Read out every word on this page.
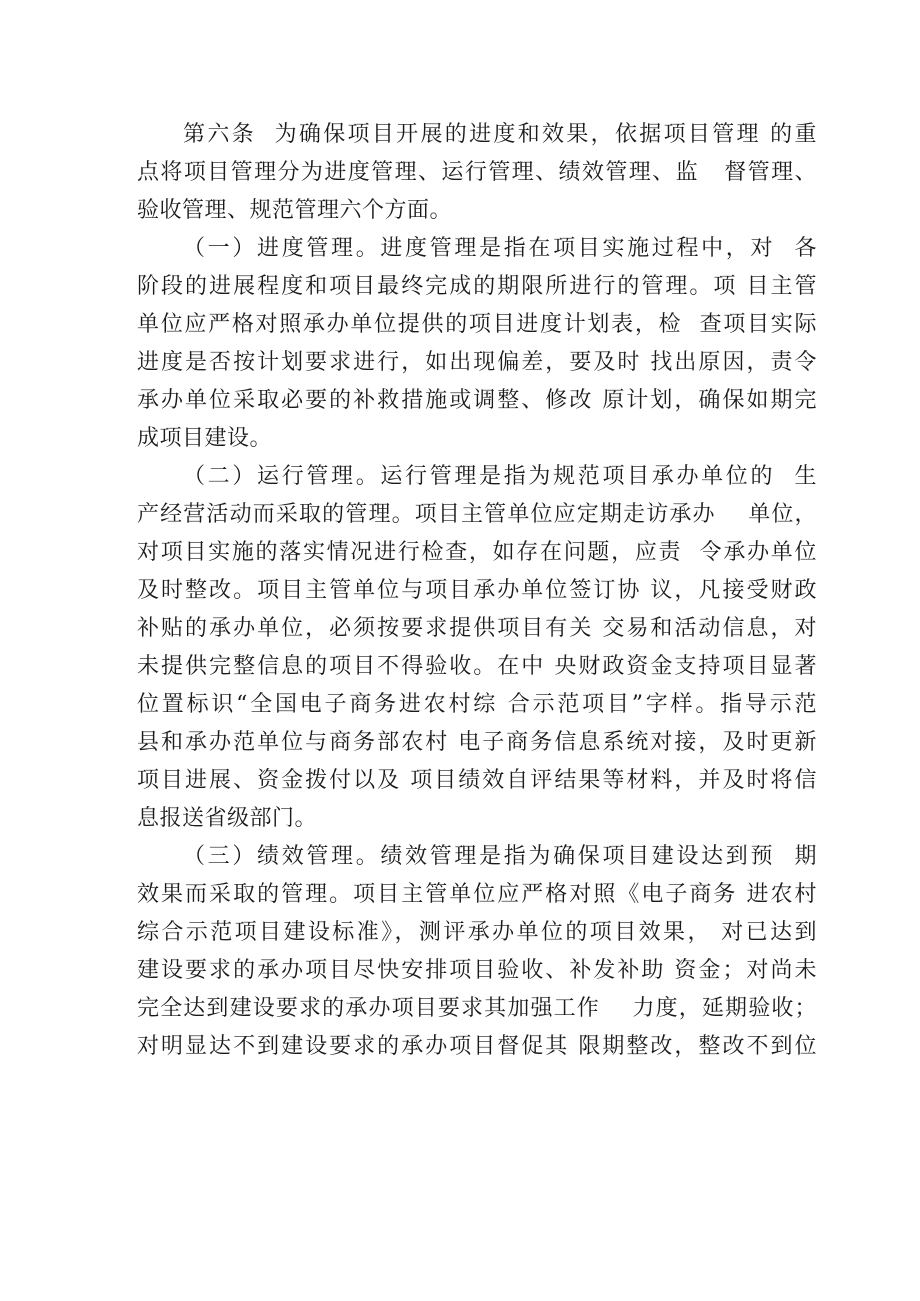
第六条  为确保项目开展的进度和效果，依据项目管理 的重
点将项目管理分为进度管理、运行管理、绩效管理、监   督管理、
验收管理、规范管理六个方面。
（一）进度管理。进度管理是指在项目实施过程中，对  各
阶段的进展程度和项目最终完成的期限所进行的管理。项 目主管
单位应严格对照承办单位提供的项目进度计划表，检  查项目实际
进度是否按计划要求进行，如出现偏差，要及时 找出原因，责令
承办单位采取必要的补救措施或调整、修改 原计划，确保如期完
成项目建设。
（二）运行管理。运行管理是指为规范项目承办单位的  生
产经营活动而采取的管理。项目主管单位应定期走访承办    单位，
对项目实施的落实情况进行检查，如存在问题，应责  令承办单位
及时整改。项目主管单位与项目承办单位签订协 议，凡接受财政
补贴的承办单位，必须按要求提供项目有关 交易和活动信息，对
未提供完整信息的项目不得验收。在中 央财政资金支持项目显著
位置标识“全国电子商务进农村综 合示范项目”字样。指导示范
县和承办范单位与商务部农村 电子商务信息系统对接，及时更新
项目进展、资金拨付以及 项目绩效自评结果等材料，并及时将信
息报送省级部门。
（三）绩效管理。绩效管理是指为确保项目建设达到预  期
效果而采取的管理。项目主管单位应严格对照《电子商务 进农村
综合示范项目建设标准》，测评承办单位的项目效果， 对已达到
建设要求的承办项目尽快安排项目验收、补发补助 资金；对尚未
完全达到建设要求的承办项目要求其加强工作    力度，延期验收；
对明显达不到建设要求的承办项目督促其 限期整改，整改不到位
